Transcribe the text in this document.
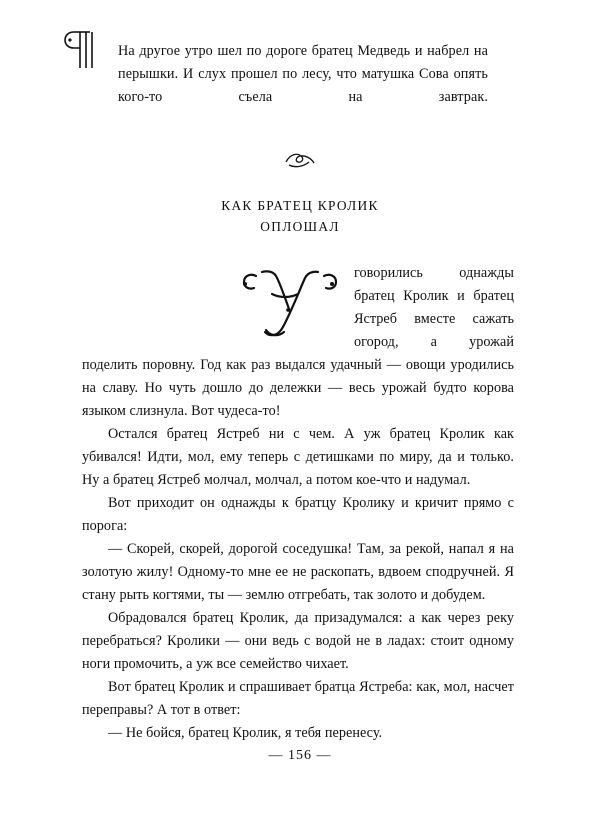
На другое утро шел по дороге братец Медведь и набрел на перышки. И слух прошел по лесу, что матушка Сова опять кого-то съела на завтрак.

КАК БРАТЕЦ КРОЛИК
ОПЛОШАЛ

говорились однажды братец Кролик и братец Ястреб вместе сажать огород, а урожай поделить поровну. Год как раз выдался удачный — овощи уродились на славу. Но чуть дошло до дележки — весь урожай будто корова языком слизнула. Вот чудеса-то!

Остался братец Ястреб ни с чем. А уж братец Кролик как убивался! Идти, мол, ему теперь с детишками по миру, да и только. Ну а братец Ястреб молчал, молчал, а потом кое-что и надумал.

Вот приходит он однажды к братцу Кролику и кричит прямо с порога:

— Скорей, скорей, дорогой соседушка! Там, за рекой, напал я на золотую жилу! Одному-то мне ее не раскопать, вдвоем сподручней. Я стану рыть когтями, ты — землю отгребать, так золото и добудем.

Обрадовался братец Кролик, да призадумался: а как через реку перебраться? Кролики — они ведь с водой не в ладах: стоит одному ноги промочить, а уж все семейство чихает.

Вот братец Кролик и спрашивает братца Ястреба: как, мол, насчет переправы? А тот в ответ:

— Не бойся, братец Кролик, я тебя перенесу.

— 156 —
